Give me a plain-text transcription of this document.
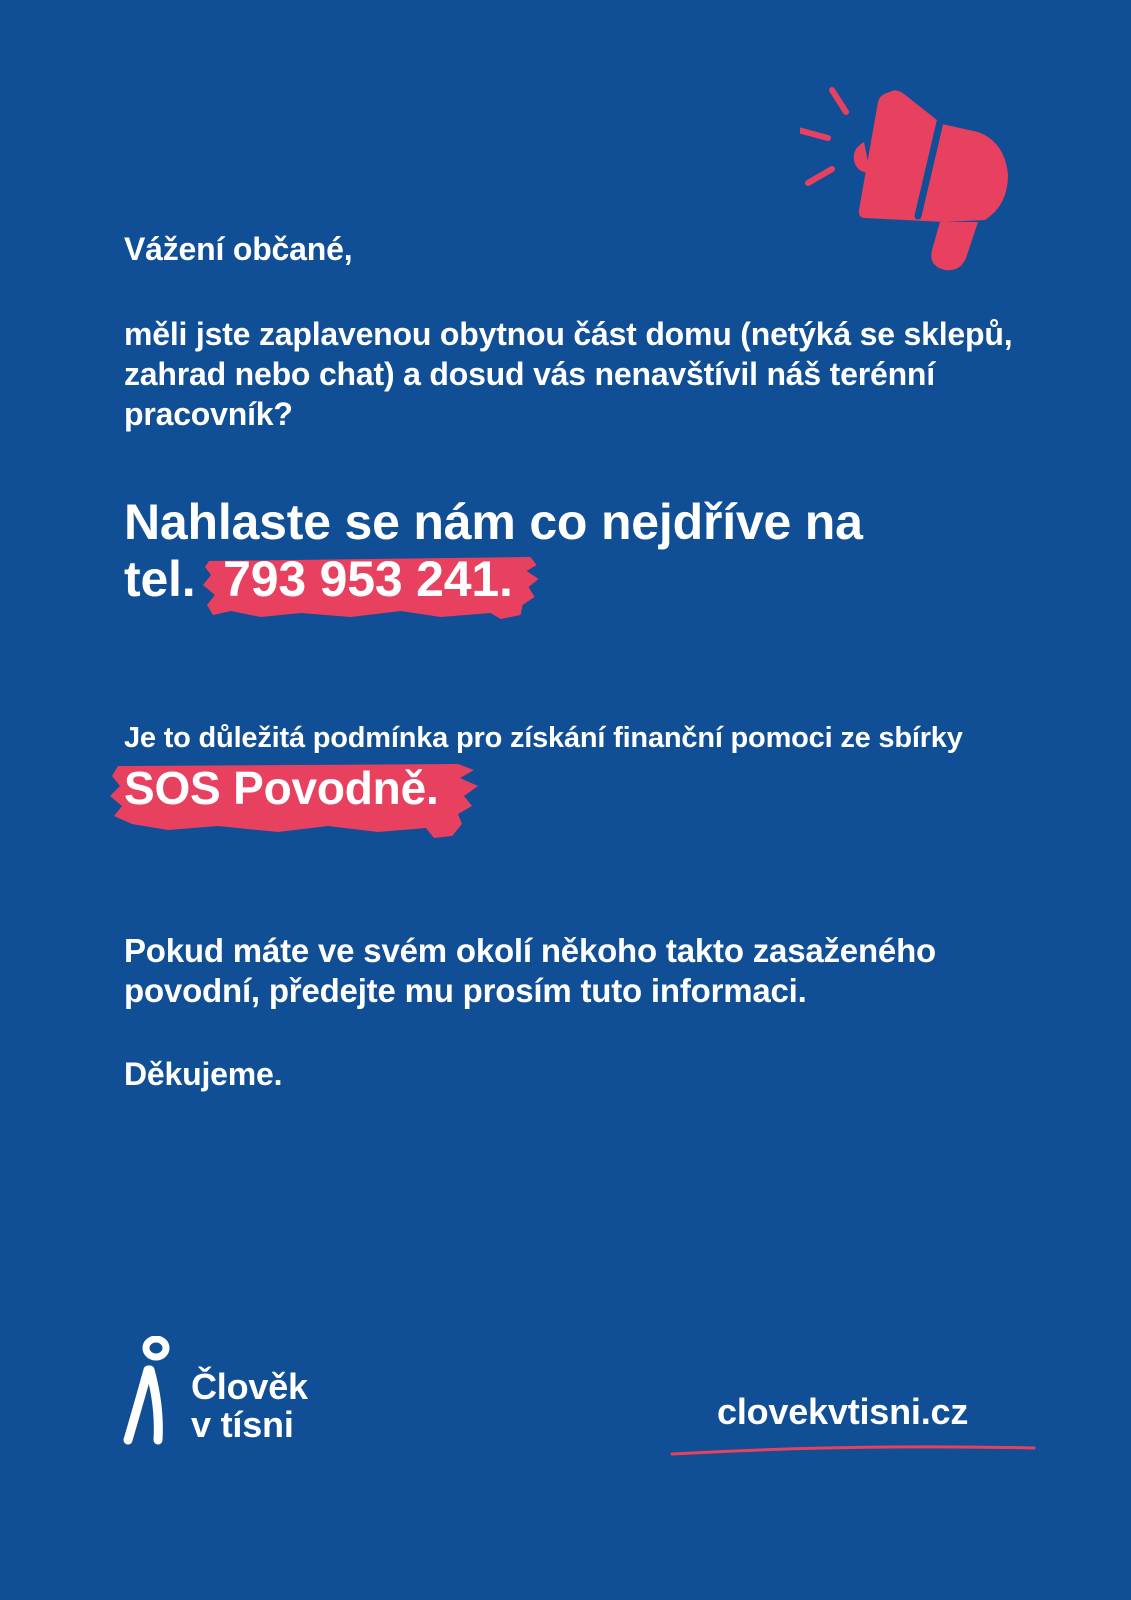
Vážení občané,

měli jste zaplavenou obytnou část domu (netýká se sklepů, zahrad nebo chat) a dosud vás nenavštívil náš terénní pracovník?

Nahlaste se nám co nejdříve na
tel. 793 953 241.

Je to důležitá podmínka pro získání finanční pomoci ze sbírky

SOS Povodně.

Pokud máte ve svém okolí někoho takto zasaženého povodní, předejte mu prosím tuto informaci.

Děkujeme.

Člověk
v tísni	clovekvtisni.cz
